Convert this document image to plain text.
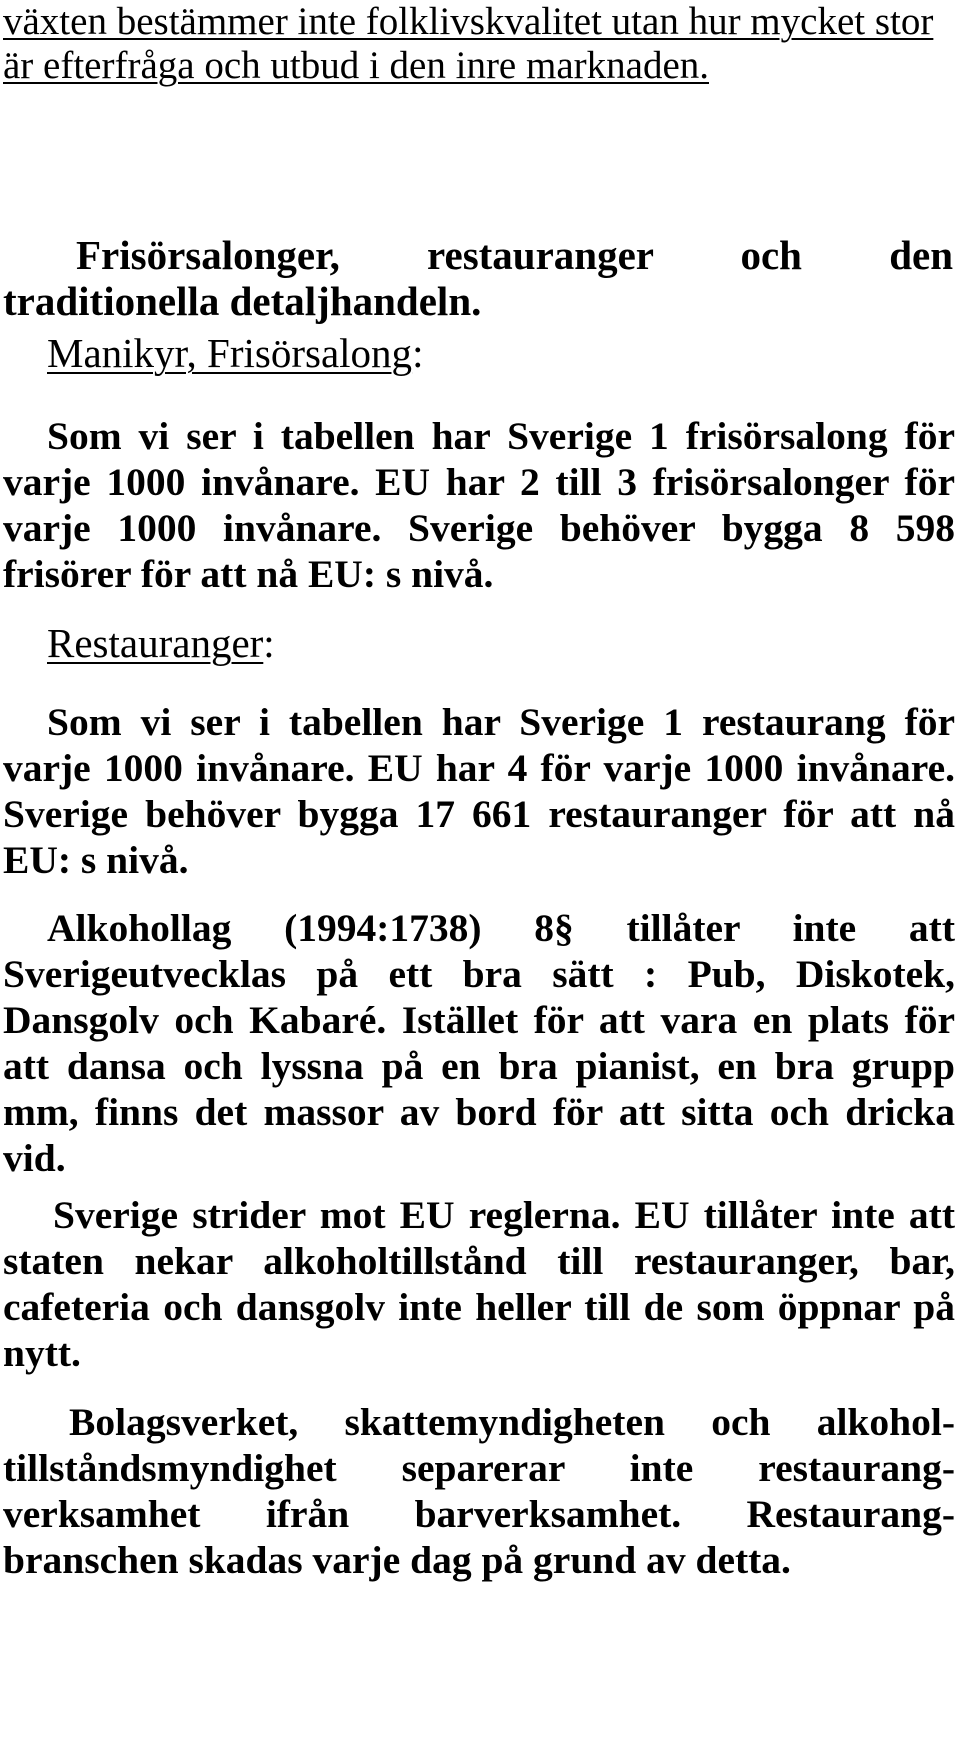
växten bestämmer inte folklivskvalitet utan hur mycket stor är efterfråga och utbud i den inre marknaden.
Frisörsalonger, restauranger och den
traditionella detaljhandeln.
Manikyr, Frisörsalong:
Som vi ser i tabellen har Sverige 1 frisörsalong för varje 1000 invånare. EU har 2 till 3 frisörsalonger för varje 1000 invånare. Sverige behöver bygga 8 598 frisörer för att nå EU: s nivå.
Restauranger:
Som vi ser i tabellen har Sverige 1 restaurang för varje 1000 invånare. EU har 4 för varje 1000 invånare. Sverige behöver bygga 17 661 restauranger för att nå EU: s nivå.
Alkohollag (1994:1738) 8§ tillåter inte att Sverigeutvecklas på ett bra sätt : Pub, Diskotek, Dansgolv och Kabaré. Istället för att vara en plats för att dansa och lyssna på en bra pianist, en bra grupp mm, finns det massor av bord för att sitta och dricka vid.
Sverige strider mot EU reglerna. EU tillåter inte att staten nekar alkoholtillstånd till restauranger, bar, cafeteria och dansgolv inte heller till de som öppnar på nytt.
Bolagsverket, skattemyndigheten och alkohol-tillståndsmyndighet separerar inte restaurang-verksamhet ifrån barverksamhet. Restaurang-branschen skadas varje dag på grund av detta.
